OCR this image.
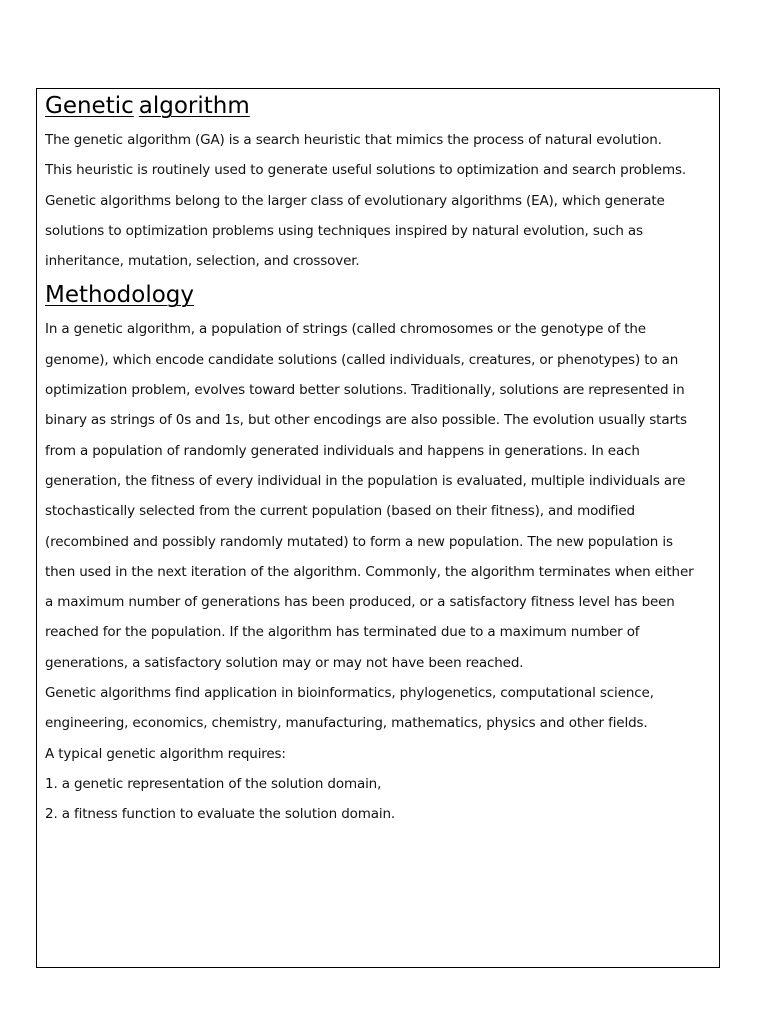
Genetic algorithm

The genetic algorithm (GA) is a search heuristic that mimics the process of natural evolution.
This heuristic is routinely used to generate useful solutions to optimization and search problems.
Genetic algorithms belong to the larger class of evolutionary algorithms (EA), which generate
solutions to optimization problems using techniques inspired by natural evolution, such as
inheritance, mutation, selection, and crossover.

Methodology

In a genetic algorithm, a population of strings (called chromosomes or the genotype of the
genome), which encode candidate solutions (called individuals, creatures, or phenotypes) to an
optimization problem, evolves toward better solutions. Traditionally, solutions are represented in
binary as strings of 0s and 1s, but other encodings are also possible. The evolution usually starts
from a population of randomly generated individuals and happens in generations. In each
generation, the fitness of every individual in the population is evaluated, multiple individuals are
stochastically selected from the current population (based on their fitness), and modified
(recombined and possibly randomly mutated) to form a new population. The new population is
then used in the next iteration of the algorithm. Commonly, the algorithm terminates when either
a maximum number of generations has been produced, or a satisfactory fitness level has been
reached for the population. If the algorithm has terminated due to a maximum number of
generations, a satisfactory solution may or may not have been reached.
Genetic algorithms find application in bioinformatics, phylogenetics, computational science,
engineering, economics, chemistry, manufacturing, mathematics, physics and other fields.
A typical genetic algorithm requires:
1. a genetic representation of the solution domain,
2. a fitness function to evaluate the solution domain.
